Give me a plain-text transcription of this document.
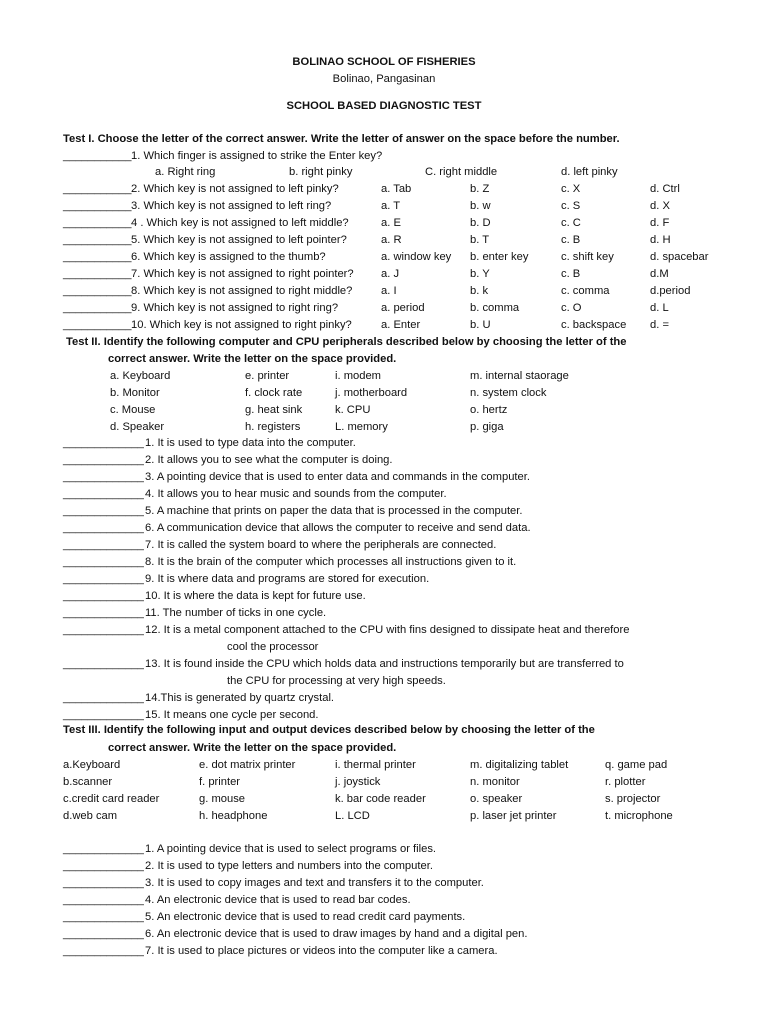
BOLINAO SCHOOL OF FISHERIES
Bolinao, Pangasinan
SCHOOL BASED DIAGNOSTIC TEST
Test I. Choose the letter of the correct answer. Write the letter of answer on the space before the number.
___________ 1. Which finger is assigned to strike the Enter key?
a. Right ring	b. right pinky	C. right middle	d. left pinky
___________ 2. Which key is not assigned to left pinky?	a. Tab	b. Z	c. X	d. Ctrl
___________ 3. Which key is not assigned to left ring?	a. T	b. w	c. S	d. X
___________ 4 . Which key is not assigned to left middle?	a. E	b. D	c. C	d. F
___________ 5. Which key is not assigned to left pointer?	a. R	b. T	c. B	d. H
___________ 6. Which key is assigned to the thumb?	a. window key b. enter key	c. shift key	d. spacebar
___________ 7. Which key is not assigned to right pointer? a. J	b. Y	c. B	d.M
___________ 8. Which key is not assigned to right middle?	a. I	b. k	c. comma	d.period
___________ 9. Which key is not assigned to right ring?	a. period	b. comma	c. O	d. L
___________ 10. Which key is not assigned to right pinky?	a. Enter	b. U	c. backspace d. =
Test II. Identify the following computer and CPU peripherals described below by choosing the letter of the
correct answer. Write the letter on the space provided.
a. Keyboard	e. printer	i. modem	m. internal staorage
b. Monitor	f. clock rate	j. motherboard	n. system clock
c. Mouse	g. heat sink	k. CPU	o. hertz
d. Speaker	h. registers	L. memory	p. giga
_____________ 1. It is used to type data into the computer.
_____________ 2. It allows you to see what the computer is doing.
_____________ 3. A pointing device that is used to enter data and commands in the computer.
_____________ 4. It allows you to hear music and sounds from the computer.
_____________ 5. A machine that prints on paper the data that is processed in the computer.
_____________ 6. A communication device that allows the computer to receive and send data.
_____________ 7. It is called the system board to where the peripherals are connected.
_____________ 8. It is the brain of the computer which processes all instructions given to it.
_____________ 9. It is where data and programs are stored for execution.
_____________ 10. It is where the data is kept for future use.
_____________ 11. The number of ticks in one cycle.
_____________ 12. It is a metal component attached to the CPU with fins designed to dissipate heat and therefore
cool the processor
_____________ 13. It is found inside the CPU which holds data and instructions temporarily but are transferred to
the CPU for processing at very high speeds.
_____________ 14.This is generated by quartz crystal.
_____________ 15. It means one cycle per second.
Test III. Identify the following input and output devices described below by choosing the letter of the
correct answer. Write the letter on the space provided.
a.Keyboard	e. dot matrix printer	i. thermal printer	m. digitalizing tablet	q. game pad
b.scanner	f. printer	j. joystick	n. monitor	r. plotter
c.credit card reader	g. mouse	k. bar code reader	o. speaker	s. projector
d.web cam	h. headphone	L. LCD	p. laser jet printer	t. microphone
_____________ 1. A pointing device that is used to select programs or files.
_____________ 2. It is used to type letters and numbers into the computer.
_____________ 3. It is used to copy images and text and transfers it to the computer.
_____________ 4. An electronic device that is used to read bar codes.
_____________ 5. An electronic device that is used to read credit card payments.
_____________ 6. An electronic device that is used to draw images by hand and a digital pen.
_____________ 7. It is used to place pictures or videos into the computer like a camera.
